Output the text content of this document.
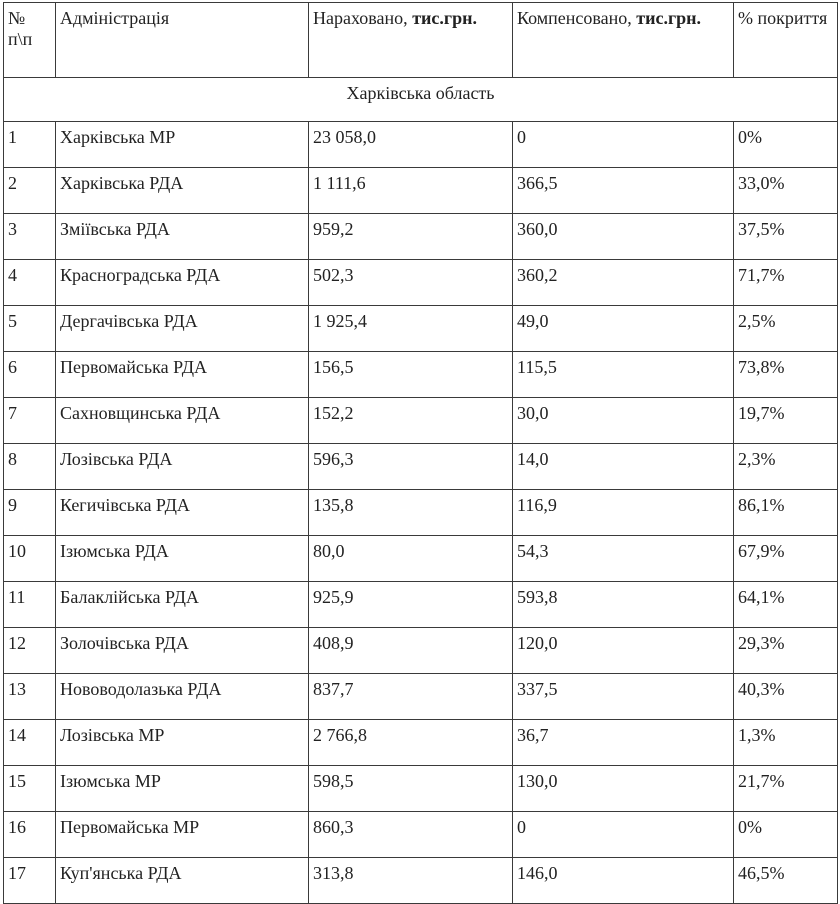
№ п\п	Адміністрація	Нараховано, тис.грн.	Компенсовано, тис.грн.	% покриття
Харківська область				
1	Харківська МР	23 058,0	0	0%
2	Харківська РДА	1 111,6	366,5	33,0%
3	Зміївська РДА	959,2	360,0	37,5%
4	Красноградська РДА	502,3	360,2	71,7%
5	Дергачівська РДА	1 925,4	49,0	2,5%
6	Первомайська РДА	156,5	115,5	73,8%
7	Сахновщинська РДА	152,2	30,0	19,7%
8	Лозівська РДА	596,3	14,0	2,3%
9	Кегичівська РДА	135,8	116,9	86,1%
10	Ізюмська РДА	80,0	54,3	67,9%
11	Балаклійська РДА	925,9	593,8	64,1%
12	Золочівська РДА	408,9	120,0	29,3%
13	Нововодолазька РДА	837,7	337,5	40,3%
14	Лозівська МР	2 766,8	36,7	1,3%
15	Ізюмська МР	598,5	130,0	21,7%
16	Первомайська МР	860,3	0	0%
17	Куп'янська РДА	313,8	146,0	46,5%
